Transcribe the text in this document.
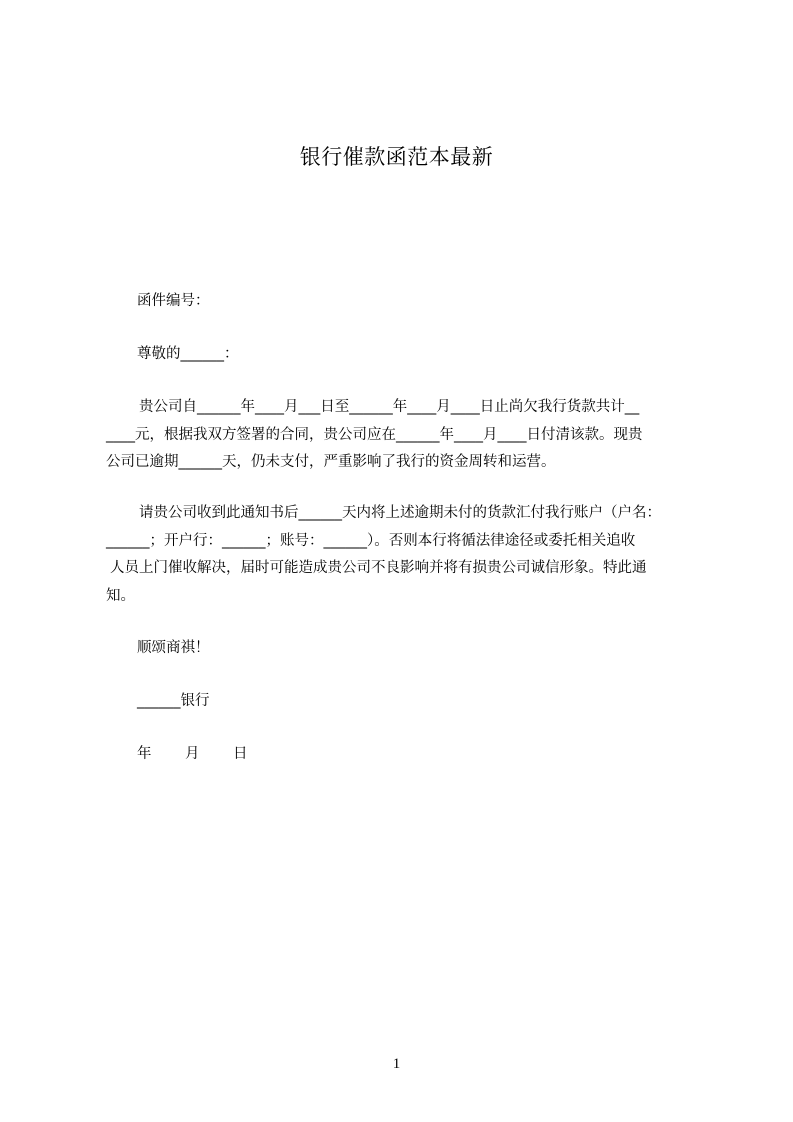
银行催款函范本最新
函件编号：
尊敬的______：
贵公司自______年____月___日至______年____月____日止尚欠我行货款共计__
____元，根据我双方签署的合同，贵公司应在______年____月____日付清该款。现贵
公司已逾期______天，仍未支付，严重影响了我行的资金周转和运营。
请贵公司收到此通知书后______天内将上述逾期未付的货款汇付我行账户（户名：
______；开户行：______；账号：______）。否则本行将循法律途径或委托相关追收
人员上门催收解决，届时可能造成贵公司不良影响并将有损贵公司诚信形象。特此通
知。
顺颂商祺！
______银行
年 月 日
1
